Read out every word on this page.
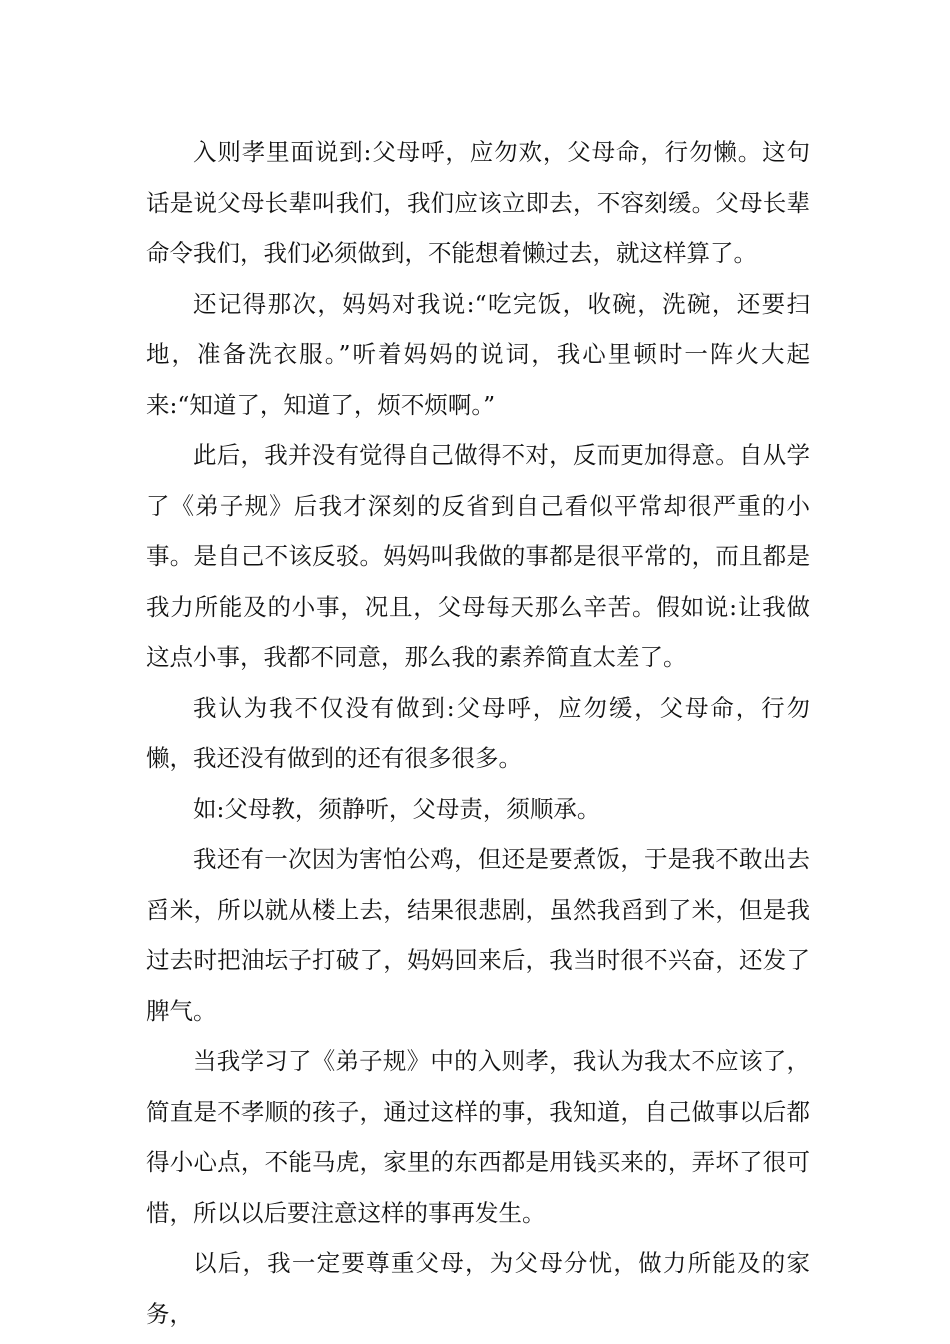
入则孝里面说到:父母呼，应勿欢，父母命，行勿懒。这句话是说父母长辈叫我们，我们应该立即去，不容刻缓。父母长辈命令我们，我们必须做到，不能想着懒过去，就这样算了。

还记得那次，妈妈对我说:“吃完饭，收碗，洗碗，还要扫地，准备洗衣服。”听着妈妈的说词，我心里顿时一阵火大起来:“知道了，知道了，烦不烦啊。”

此后，我并没有觉得自己做得不对，反而更加得意。自从学了《弟子规》后我才深刻的反省到自己看似平常却很严重的小事。是自己不该反驳。妈妈叫我做的事都是很平常的，而且都是我力所能及的小事，况且，父母每天那么辛苦。假如说:让我做这点小事，我都不同意，那么我的素养简直太差了。

我认为我不仅没有做到:父母呼，应勿缓，父母命，行勿懒，我还没有做到的还有很多很多。

如:父母教，须静听，父母责，须顺承。

我还有一次因为害怕公鸡，但还是要煮饭，于是我不敢出去舀米，所以就从楼上去，结果很悲剧，虽然我舀到了米，但是我过去时把油坛子打破了，妈妈回来后，我当时很不兴奋，还发了脾气。

当我学习了《弟子规》中的入则孝，我认为我太不应该了，简直是不孝顺的孩子，通过这样的事，我知道，自己做事以后都得小心点，不能马虎，家里的东西都是用钱买来的，弄坏了很可惜，所以以后要注意这样的事再发生。

以后，我一定要尊重父母，为父母分忧，做力所能及的家务，
